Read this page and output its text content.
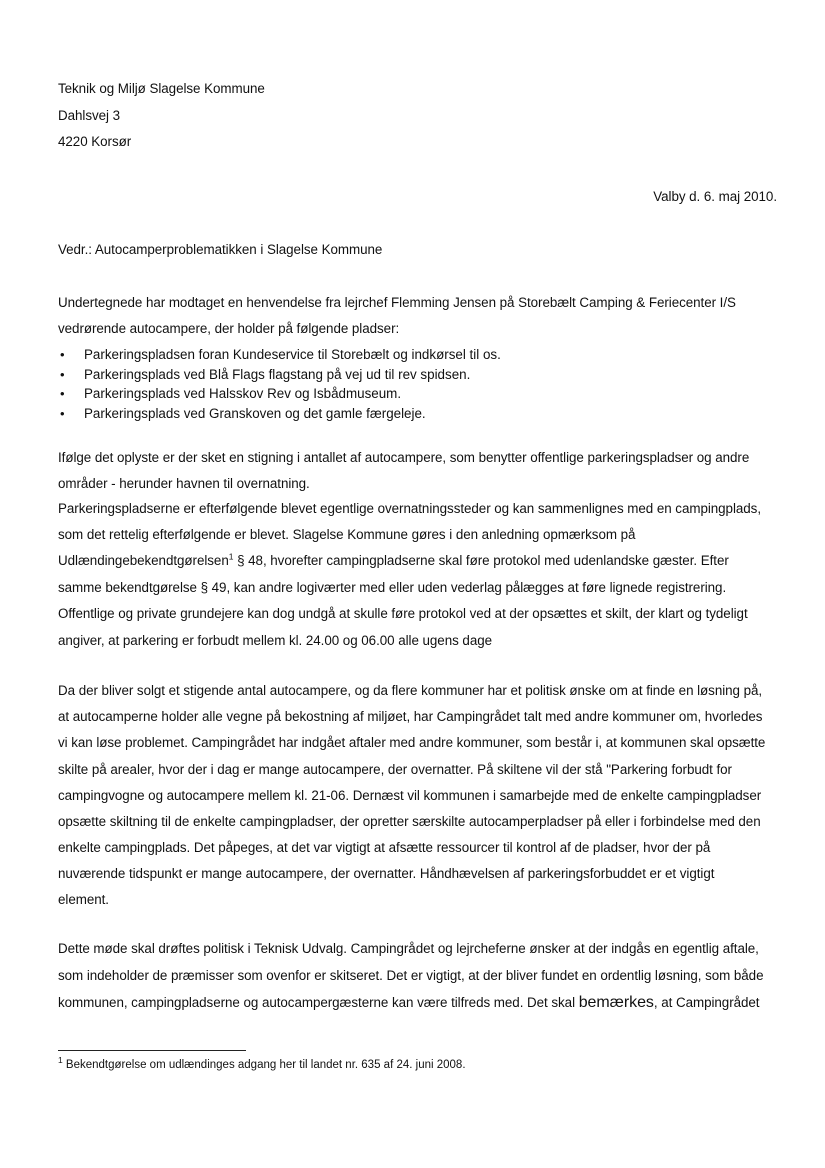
Teknik og Miljø Slagelse Kommune
Dahlsvej 3
4220 Korsør
Valby d. 6. maj 2010.
Vedr.: Autocamperproblematikken i Slagelse Kommune
Undertegnede har modtaget en henvendelse fra lejrchef Flemming Jensen på Storebælt Camping & Feriecenter I/S
vedrørende autocampere, der holder på følgende pladser:
• Parkeringspladsen foran Kundeservice til Storebælt og indkørsel til os.
• Parkeringsplads ved Blå Flags flagstang på vej ud til rev spidsen.
• Parkeringsplads ved Halsskov Rev og Isbådmuseum.
• Parkeringsplads ved Granskoven og det gamle færgeleje.
Ifølge det oplyste er der sket en stigning i antallet af autocampere, som benytter offentlige parkeringspladser og andre
områder - herunder havnen til overnatning.
Parkeringspladserne er efterfølgende blevet egentlige overnatningssteder og kan sammenlignes med en campingplads,
som det rettelig efterfølgende er blevet. Slagelse Kommune gøres i den anledning opmærksom på
Udlændingebekendtgørelsen$^1$ § 48, hvorefter campingpladserne skal føre protokol med udenlandske gæster. Efter
samme bekendtgørelse § 49, kan andre logiværter med eller uden vederlag pålægges at føre lignede registrering.
Offentlige og private grundejere kan dog undgå at skulle føre protokol ved at der opsættes et skilt, der klart og tydeligt
angiver, at parkering er forbudt mellem kl. 24.00 og 06.00 alle ugens dage
Da der bliver solgt et stigende antal autocampere, og da flere kommuner har et politisk ønske om at finde en løsning på,
at autocamperne holder alle vegne på bekostning af miljøet, har Campingrådet talt med andre kommuner om, hvorledes
vi kan løse problemet. Campingrådet har indgået aftaler med andre kommuner, som består i, at kommunen skal opsætte
skilte på arealer, hvor der i dag er mange autocampere, der overnatter. På skiltene vil der stå "Parkering forbudt for
campingvogne og autocampere mellem kl. 21-06. Dernæst vil kommunen i samarbejde med de enkelte campingpladser
opsætte skiltning til de enkelte campingpladser, der opretter særskilte autocamperpladser på eller i forbindelse med den
enkelte campingplads. Det påpeges, at det var vigtigt at afsætte ressourcer til kontrol af de pladser, hvor der på
nuværende tidspunkt er mange autocampere, der overnatter. Håndhævelsen af parkeringsforbuddet er et vigtigt
element.
Dette møde skal drøftes politisk i Teknisk Udvalg. Campingrådet og lejrcheferne ønsker at der indgås en egentlig aftale,
som indeholder de præmisser som ovenfor er skitseret. Det er vigtigt, at der bliver fundet en ordentlig løsning, som både
kommunen, campingpladserne og autocampergæsterne kan være tilfreds med. Det skal bemærkes, at Campingrådet
$^1$ Bekendtgørelse om udlændinges adgang her til landet nr. 635 af 24. juni 2008.
